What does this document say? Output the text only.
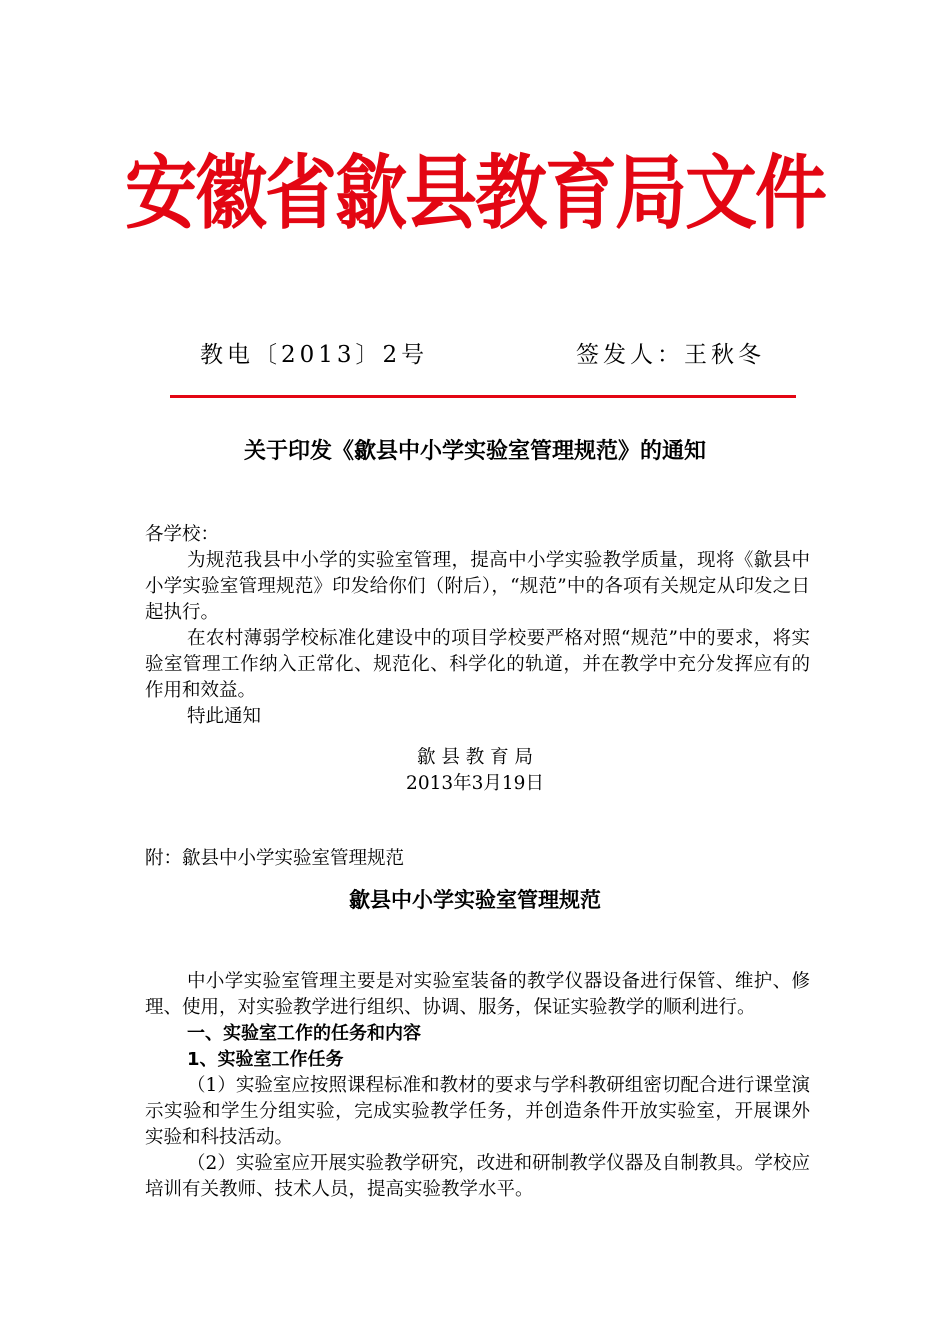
安徽省歙县教育局文件
教电〔2013〕2号	签发人：王秋冬
关于印发《歙县中小学实验室管理规范》的通知

各学校：

为规范我县中小学的实验室管理，提高中小学实验教学质量，现将《歙县中小学实验室管理规范》印发给你们（附后），“规范”中的各项有关规定从印发之日起执行。

在农村薄弱学校标准化建设中的项目学校要严格对照“规范”中的要求，将实验室管理工作纳入正常化、规范化、科学化的轨道，并在教学中充分发挥应有的作用和效益。

特此通知

歙 县 教 育 局

2013年3月19日

附：歙县中小学实验室管理规范

歙县中小学实验室管理规范

中小学实验室管理主要是对实验室装备的教学仪器设备进行保管、维护、修理、使用，对实验教学进行组织、协调、服务，保证实验教学的顺利进行。

一、实验室工作的任务和内容

1、实验室工作任务

（1）实验室应按照课程标准和教材的要求与学科教研组密切配合进行课堂演示实验和学生分组实验，完成实验教学任务，并创造条件开放实验室，开展课外实验和科技活动。

（2）实验室应开展实验教学研究，改进和研制教学仪器及自制教具。学校应培训有关教师、技术人员，提高实验教学水平。
